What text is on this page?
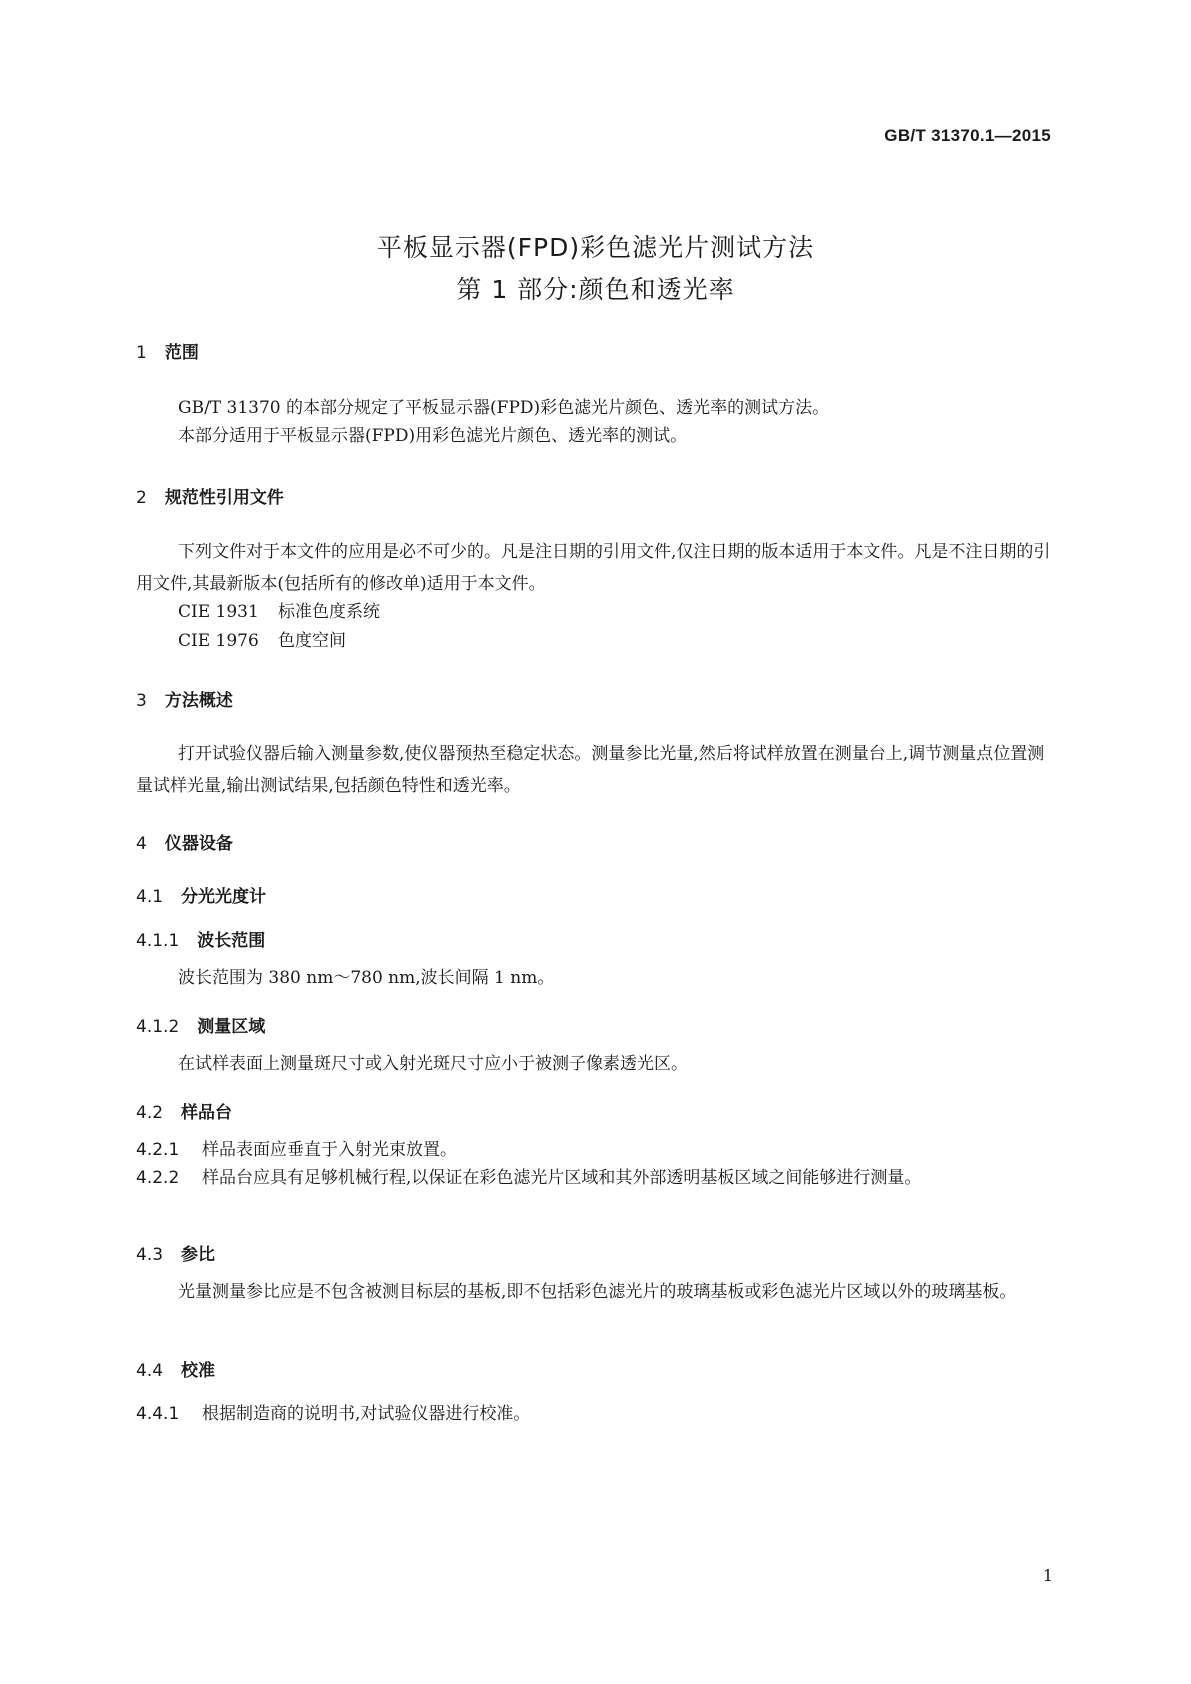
GB/T 31370.1—2015
平板显示器(FPD)彩色滤光片测试方法
第 1 部分:颜色和透光率
1 范围
GB/T 31370 的本部分规定了平板显示器(FPD)彩色滤光片颜色、透光率的测试方法。
本部分适用于平板显示器(FPD)用彩色滤光片颜色、透光率的测试。
2 规范性引用文件
下列文件对于本文件的应用是必不可少的。凡是注日期的引用文件,仅注日期的版本适用于本文件。凡是不注日期的引用文件,其最新版本(包括所有的修改单)适用于本文件。
CIE 1931 标准色度系统
CIE 1976 色度空间
3 方法概述
打开试验仪器后输入测量参数,使仪器预热至稳定状态。测量参比光量,然后将试样放置在测量台上,调节测量点位置测量试样光量,输出测试结果,包括颜色特性和透光率。
4 仪器设备
4.1 分光光度计
4.1.1 波长范围
波长范围为 380 nm～780 nm,波长间隔 1 nm。
4.1.2 测量区域
在试样表面上测量斑尺寸或入射光斑尺寸应小于被测子像素透光区。
4.2 样品台
4.2.1 样品表面应垂直于入射光束放置。
4.2.2 样品台应具有足够机械行程,以保证在彩色滤光片区域和其外部透明基板区域之间能够进行测量。
4.3 参比
光量测量参比应是不包含被测目标层的基板,即不包括彩色滤光片的玻璃基板或彩色滤光片区域以外的玻璃基板。
4.4 校准
4.4.1 根据制造商的说明书,对试验仪器进行校准。
1
